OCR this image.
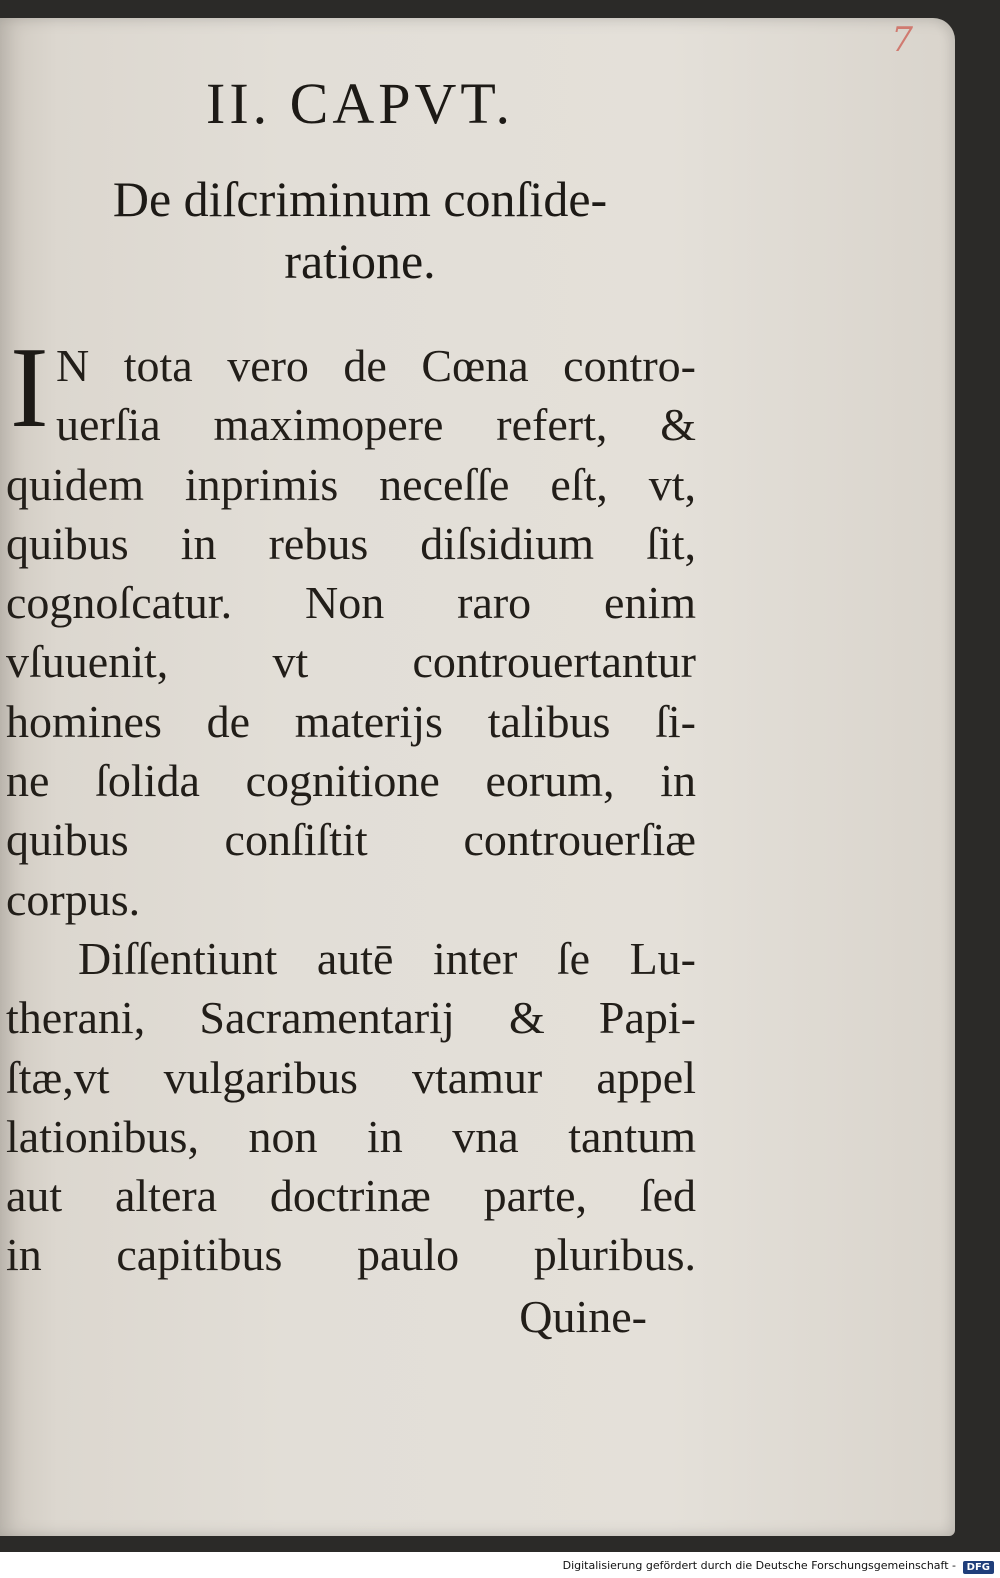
7
II. CAPVT.
De diſcriminum conſide-
ratione.
I N tota vero de Cœna contro-
uerſia maximopere refert, &
quidem inprimis neceſſe eſt, vt,
quibus in rebus diſsidium ſit,
cognoſcatur. Non raro enim
vſuuenit, vt controuertantur
homines de materijs talibus ſi-
ne ſolida cognitione eorum, in
quibus conſiſtit controuerſiæ
corpus.
Diſſentiunt autē inter ſe Lu-
therani, Sacramentarij & Papi-
ſtæ,vt vulgaribus vtamur appel
lationibus, non in vna tantum
aut altera doctrinæ parte, ſed
in capitibus paulo pluribus.
Quine-
Digitalisierung gefördert durch die Deutsche Forschungsgemeinschaft -	DFG
